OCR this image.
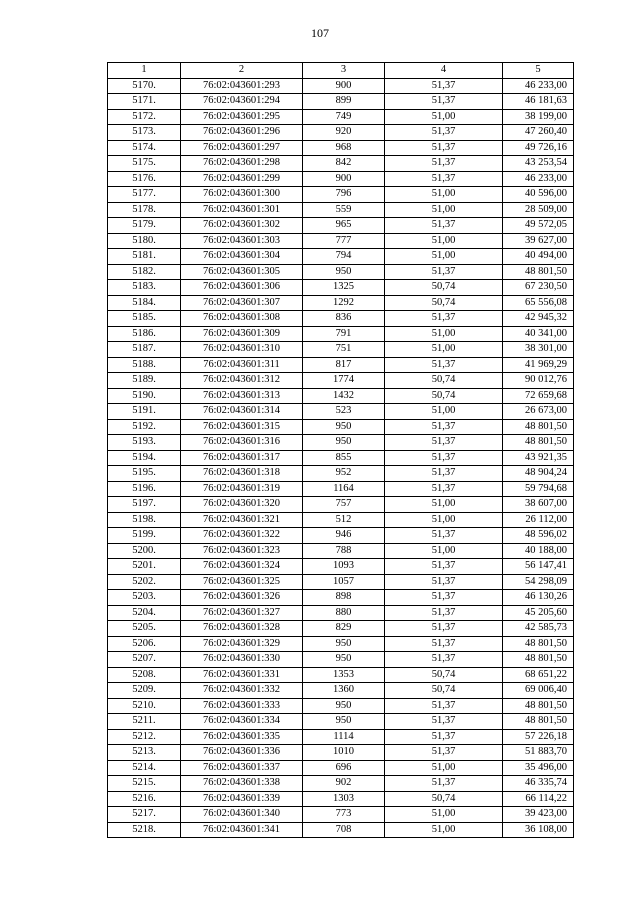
107
1	2	3	4	5
5170.	76:02:043601:293	900	51,37	46 233,00
5171.	76:02:043601:294	899	51,37	46 181,63
5172.	76:02:043601:295	749	51,00	38 199,00
5173.	76:02:043601:296	920	51,37	47 260,40
5174.	76:02:043601:297	968	51,37	49 726,16
5175.	76:02:043601:298	842	51,37	43 253,54
5176.	76:02:043601:299	900	51,37	46 233,00
5177.	76:02:043601:300	796	51,00	40 596,00
5178.	76:02:043601:301	559	51,00	28 509,00
5179.	76:02:043601:302	965	51,37	49 572,05
5180.	76:02:043601:303	777	51,00	39 627,00
5181.	76:02:043601:304	794	51,00	40 494,00
5182.	76:02:043601:305	950	51,37	48 801,50
5183.	76:02:043601:306	1325	50,74	67 230,50
5184.	76:02:043601:307	1292	50,74	65 556,08
5185.	76:02:043601:308	836	51,37	42 945,32
5186.	76:02:043601:309	791	51,00	40 341,00
5187.	76:02:043601:310	751	51,00	38 301,00
5188.	76:02:043601:311	817	51,37	41 969,29
5189.	76:02:043601:312	1774	50,74	90 012,76
5190.	76:02:043601:313	1432	50,74	72 659,68
5191.	76:02:043601:314	523	51,00	26 673,00
5192.	76:02:043601:315	950	51,37	48 801,50
5193.	76:02:043601:316	950	51,37	48 801,50
5194.	76:02:043601:317	855	51,37	43 921,35
5195.	76:02:043601:318	952	51,37	48 904,24
5196.	76:02:043601:319	1164	51,37	59 794,68
5197.	76:02:043601:320	757	51,00	38 607,00
5198.	76:02:043601:321	512	51,00	26 112,00
5199.	76:02:043601:322	946	51,37	48 596,02
5200.	76:02:043601:323	788	51,00	40 188,00
5201.	76:02:043601:324	1093	51,37	56 147,41
5202.	76:02:043601:325	1057	51,37	54 298,09
5203.	76:02:043601:326	898	51,37	46 130,26
5204.	76:02:043601:327	880	51,37	45 205,60
5205.	76:02:043601:328	829	51,37	42 585,73
5206.	76:02:043601:329	950	51,37	48 801,50
5207.	76:02:043601:330	950	51,37	48 801,50
5208.	76:02:043601:331	1353	50,74	68 651,22
5209.	76:02:043601:332	1360	50,74	69 006,40
5210.	76:02:043601:333	950	51,37	48 801,50
5211.	76:02:043601:334	950	51,37	48 801,50
5212.	76:02:043601:335	1114	51,37	57 226,18
5213.	76:02:043601:336	1010	51,37	51 883,70
5214.	76:02:043601:337	696	51,00	35 496,00
5215.	76:02:043601:338	902	51,37	46 335,74
5216.	76:02:043601:339	1303	50,74	66 114,22
5217.	76:02:043601:340	773	51,00	39 423,00
5218.	76:02:043601:341	708	51,00	36 108,00
